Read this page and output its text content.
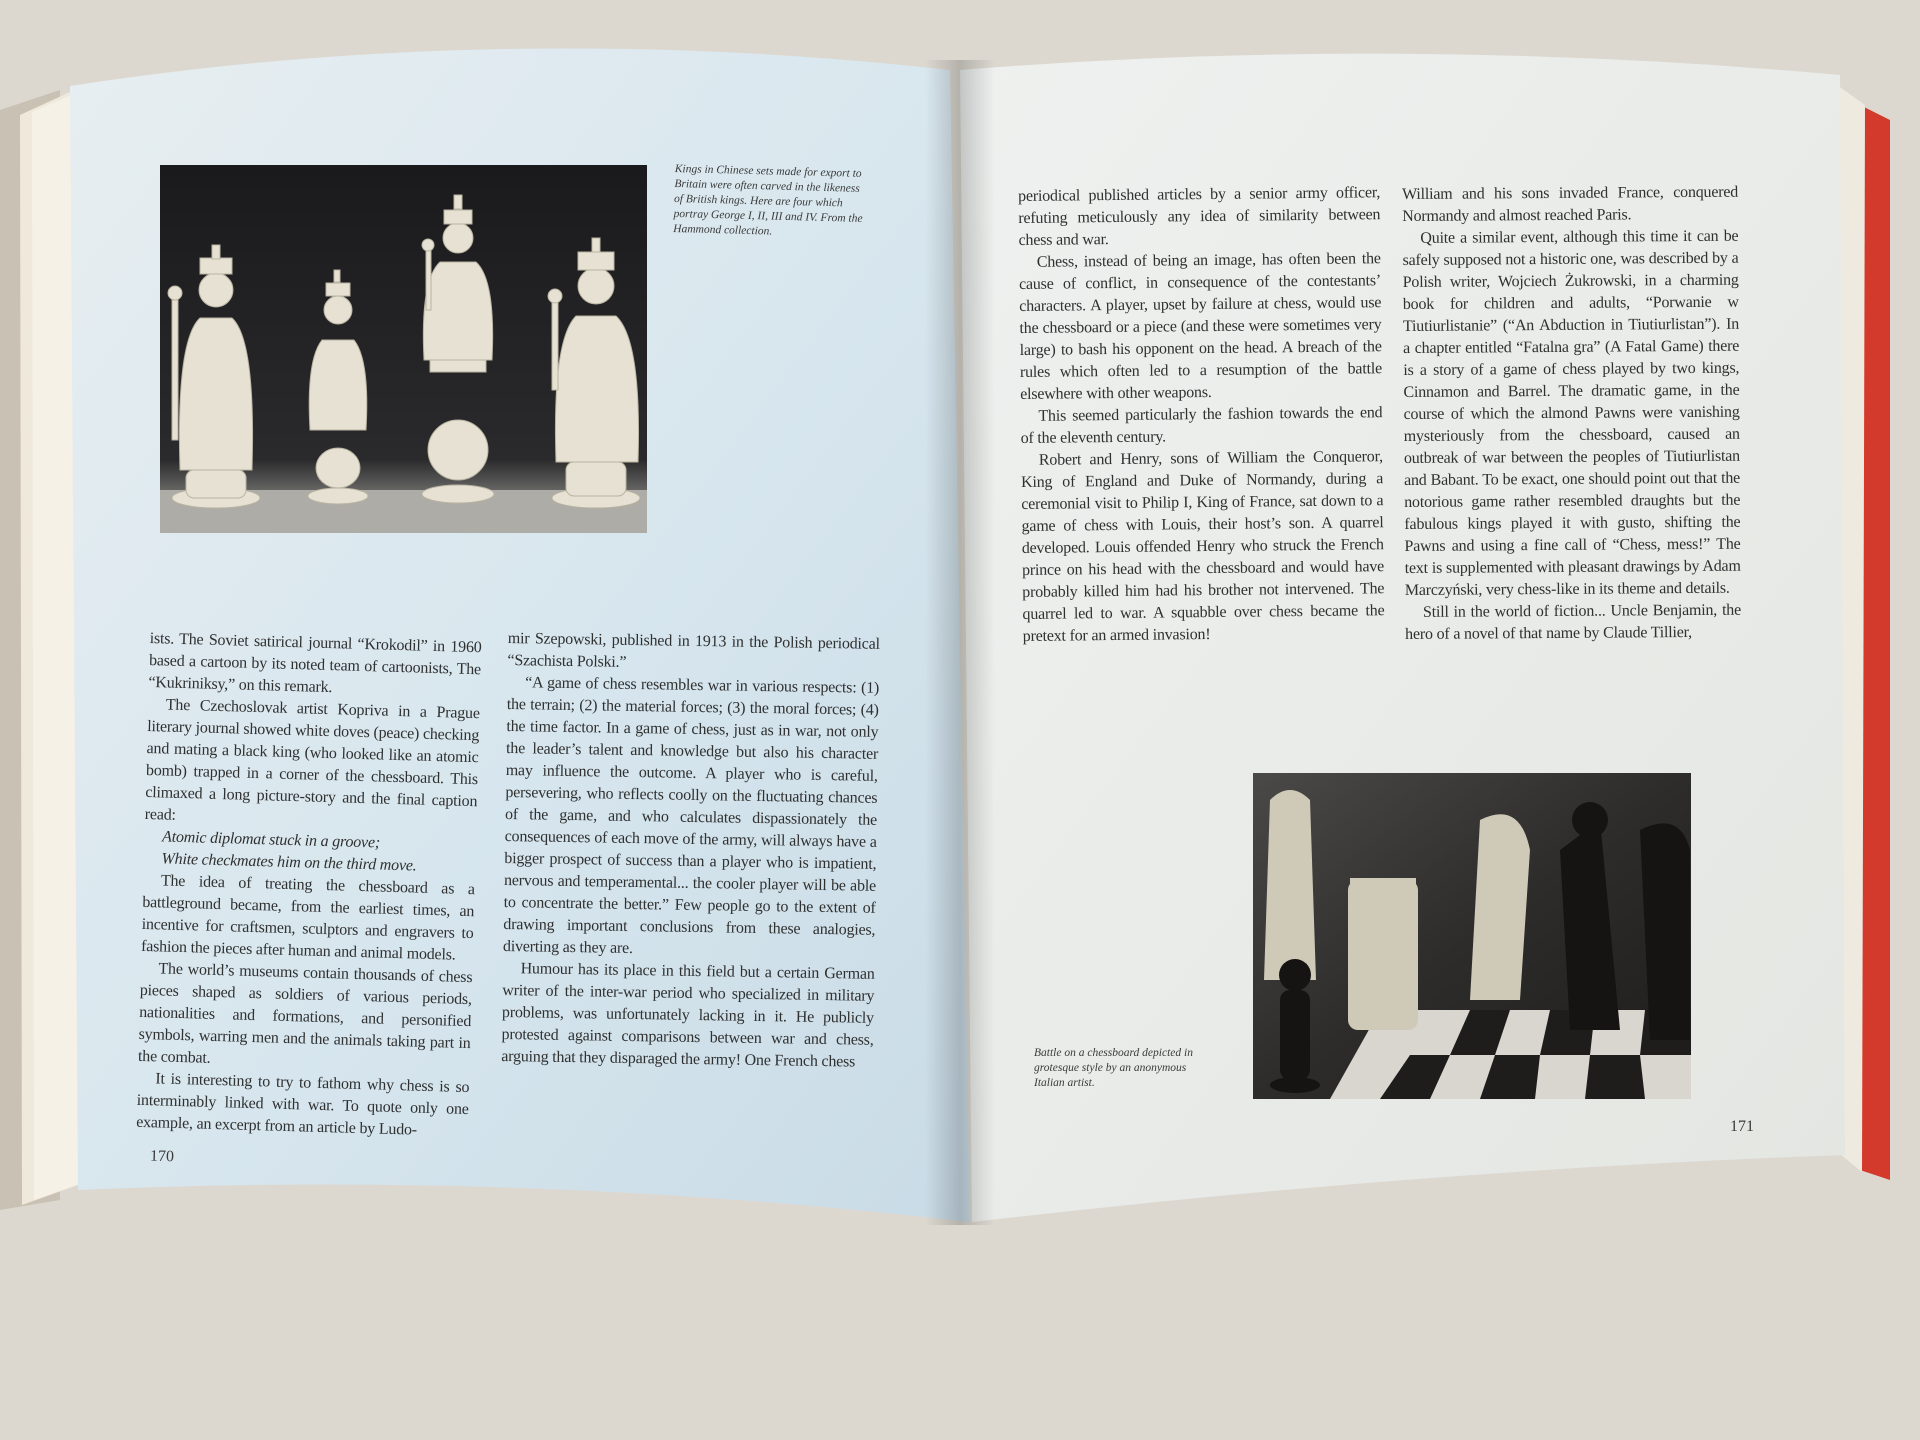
Kings in Chinese sets made for export to Britain were often carved in the likeness of British kings. Here are four which portray George I, II, III and IV. From the Hammond collection.

ists. The Soviet satirical journal “Krokodil” in 1960 based a cartoon by its noted team of cartoonists, The “Kukriniksy,” on this remark.

The Czechoslovak artist Kopriva in a Prague literary journal showed white doves (peace) checking and mating a black king (who looked like an atomic bomb) trapped in a corner of the chessboard. This climaxed a long picture-story and the final caption read:

Atomic diplomat stuck in a groove;

White checkmates him on the third move.

The idea of treating the chessboard as a battleground became, from the earliest times, an incentive for craftsmen, sculptors and engravers to fashion the pieces after human and animal models.

The world’s museums contain thousands of chess pieces shaped as soldiers of various periods, nationalities and formations, and personified symbols, warring men and the animals taking part in the combat.

It is interesting to try to fathom why chess is so interminably linked with war. To quote only one example, an excerpt from an article by Ludo-

mir Szepowski, published in 1913 in the Polish periodical “Szachista Polski.”

“A game of chess resembles war in various respects: (1) the terrain; (2) the material forces; (3) the moral forces; (4) the time factor. In a game of chess, just as in war, not only the leader’s talent and knowledge but also his character may influence the outcome. A player who is careful, persevering, who reflects coolly on the fluctuating chances of the game, and who calculates dispassionately the consequences of each move of the army, will always have a bigger prospect of success than a player who is impatient, nervous and temperamental... the cooler player will be able to concentrate the better.” Few people go to the extent of drawing important conclusions from these analogies, diverting as they are.

Humour has its place in this field but a certain German writer of the inter-war period who specialized in military problems, was unfortunately lacking in it. He publicly protested against comparisons between war and chess, arguing that they disparaged the army! One French chess

170

periodical published articles by a senior army officer, refuting meticulously any idea of similarity between chess and war.

Chess, instead of being an image, has often been the cause of conflict, in consequence of the contestants’ characters. A player, upset by failure at chess, would use the chessboard or a piece (and these were sometimes very large) to bash his opponent on the head. A breach of the rules which often led to a resumption of the battle elsewhere with other weapons.

This seemed particularly the fashion towards the end of the eleventh century.

Robert and Henry, sons of William the Conqueror, King of England and Duke of Normandy, during a ceremonial visit to Philip I, King of France, sat down to a game of chess with Louis, their host’s son. A quarrel developed. Louis offended Henry who struck the French prince on his head with the chessboard and would have probably killed him had his brother not intervened. The quarrel led to war. A squabble over chess became the pretext for an armed invasion!

William and his sons invaded France, conquered Normandy and almost reached Paris.

Quite a similar event, although this time it can be safely supposed not a historic one, was described by a Polish writer, Wojciech Żukrowski, in a charming book for children and adults, “Porwanie w Tiutiurlistanie” (“An Abduction in Tiutiurlistan”). In a chapter entitled “Fatalna gra” (A Fatal Game) there is a story of a game of chess played by two kings, Cinnamon and Barrel. The dramatic game, in the course of which the almond Pawns were vanishing mysteriously from the chessboard, caused an outbreak of war between the peoples of Tiutiurlistan and Babant. To be exact, one should point out that the notorious game rather resembled draughts but the fabulous kings played it with gusto, shifting the Pawns and using a fine call of “Chess, mess!” The text is supplemented with pleasant drawings by Adam Marczyński, very chess-like in its theme and details.

Still in the world of fiction... Uncle Benjamin, the hero of a novel of that name by Claude Tillier,

Battle on a chessboard depicted in grotesque style by an anonymous Italian artist.
171
